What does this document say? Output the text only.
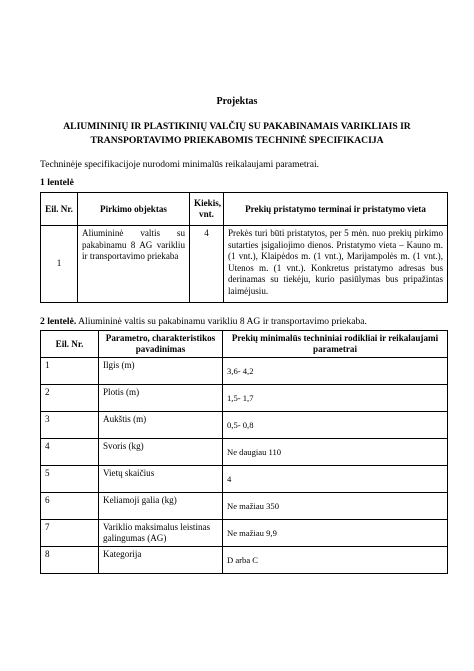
Projektas
ALIUMININIŲ IR PLASTIKINIŲ VALČIŲ SU PAKABINAMAIS VARIKLIAIS IR TRANSPORTAVIMO PRIEKABOMIS TECHNINĖ SPECIFIKACIJA
Techninėje specifikacijoje nurodomi minimalūs reikalaujami parametrai.
1 lentelė
Eil. Nr.	Pirkimo objektas	Kiekis, vnt.	Prekių pristatymo terminai ir pristatymo vieta
1	Aliumininė valtis su pakabinamu 8 AG varikliu ir transportavimo priekaba	4	Prekės turi būti pristatytos, per 5 mėn. nuo prekių pirkimo sutarties įsigaliojimo dienos. Pristatymo vieta – Kauno m. (1 vnt.), Klaipėdos m. (1 vnt.), Marijampolės m. (1 vnt.), Utenos m. (1 vnt.). Konkretus pristatymo adresas bus derinamas su tiekėju, kurio pasiūlymas bus pripažintas laimėjusiu.
2 lentelė. Aliumininė valtis su pakabinamu varikliu 8 AG ir transportavimo priekaba.
Eil. Nr.	Parametro, charakteristikos pavadinimas	Prekių minimalūs techniniai rodikliai ir reikalaujami parametrai
1	Ilgis (m)	3,6- 4,2
2	Plotis (m)	1,5- 1,7
3	Aukštis (m)	0,5- 0,8
4	Svoris (kg)	Ne daugiau 110
5	Vietų skaičius	4
6	Keliamoji galia (kg)	Ne mažiau 350
7	Variklio maksimalus leistinas galingumas (AG)	Ne mažiau 9,9
8	Kategorija	D arba C
